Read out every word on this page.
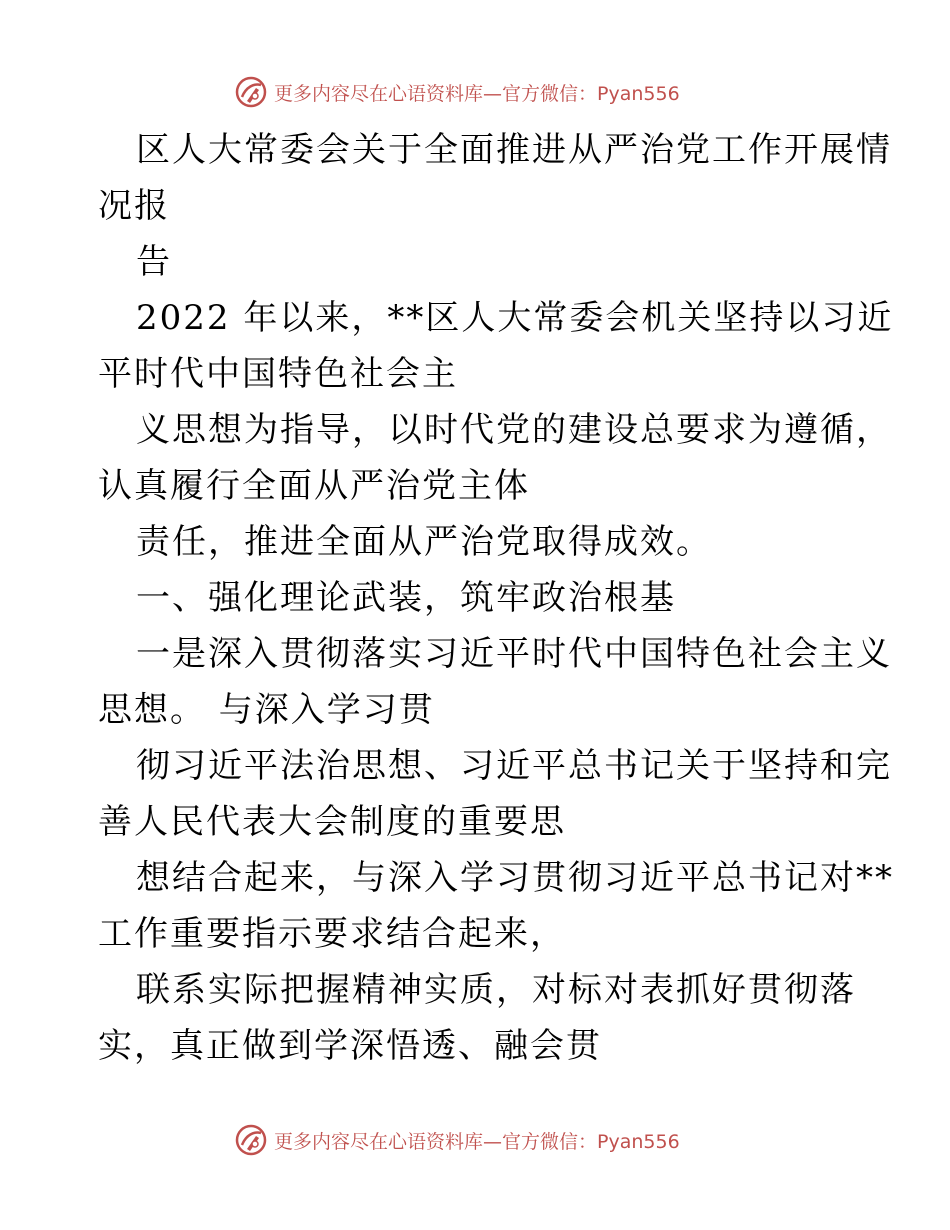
更多内容尽在心语资料库—官方微信：Pyan556
区人大常委会关于全面推进从严治党工作开展情
况报
告
2022 年以来，**区人大常委会机关坚持以习近
平时代中国特色社会主
义思想为指导，以时代党的建设总要求为遵循，
认真履行全面从严治党主体
责任，推进全面从严治党取得成效。
一、强化理论武装，筑牢政治根基
一是深入贯彻落实习近平时代中国特色社会主义
思想。 与深入学习贯
彻习近平法治思想、习近平总书记关于坚持和完
善人民代表大会制度的重要思
想结合起来，与深入学习贯彻习近平总书记对**
工作重要指示要求结合起来，
联系实际把握精神实质，对标对表抓好贯彻落
实，真正做到学深悟透、融会贯
更多内容尽在心语资料库—官方微信：Pyan556
